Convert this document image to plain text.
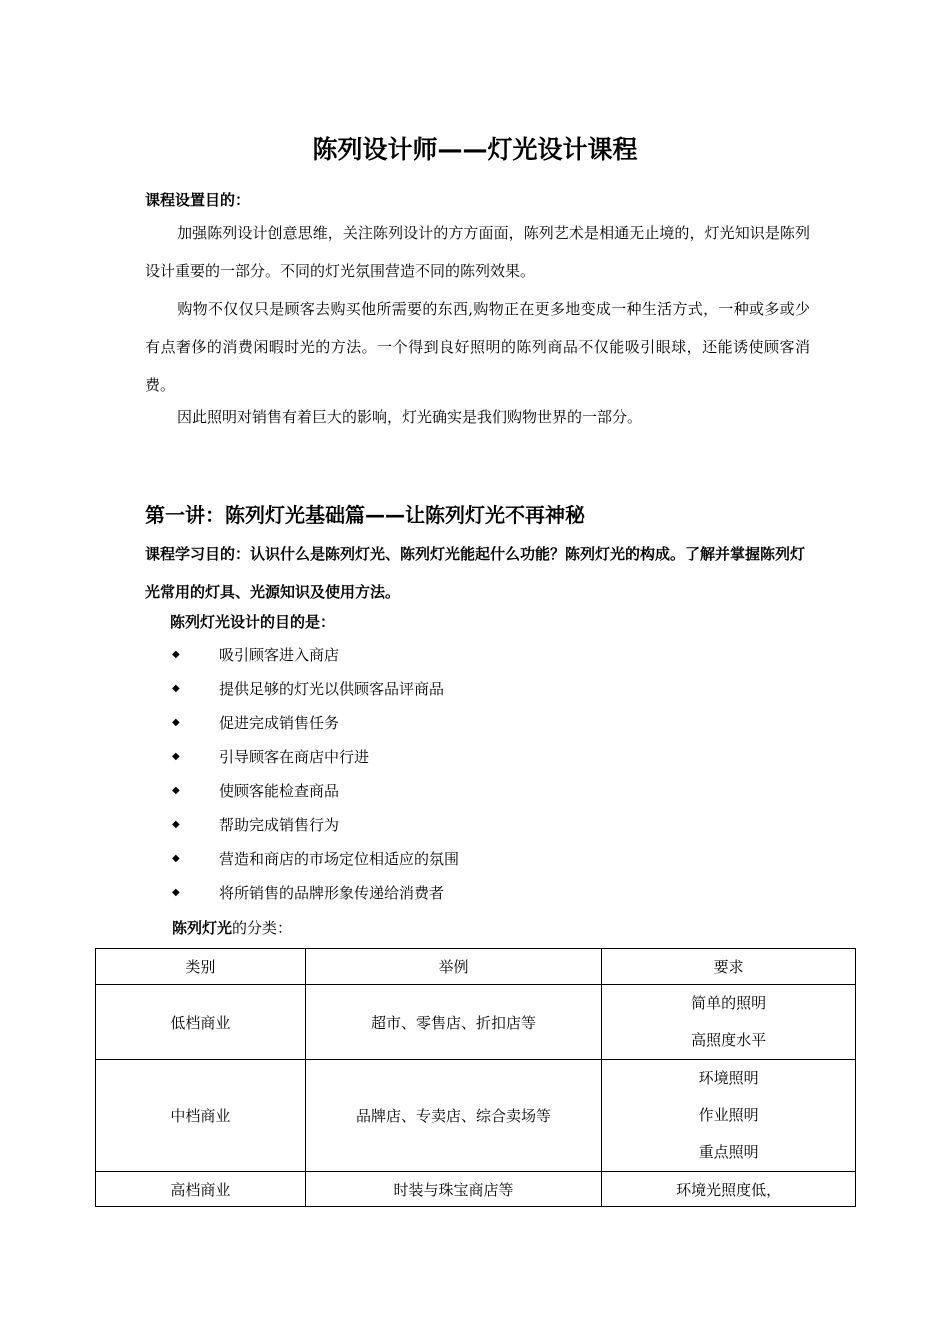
陈列设计师——灯光设计课程
课程设置目的：

加强陈列设计创意思维，关注陈列设计的方方面面，陈列艺术是相通无止境的，灯光知识是陈列设计重要的一部分。不同的灯光氛围营造不同的陈列效果。

购物不仅仅只是顾客去购买他所需要的东西,购物正在更多地变成一种生活方式，一种或多或少有点奢侈的消费闲暇时光的方法。一个得到良好照明的陈列商品不仅能吸引眼球，还能诱使顾客消费。

因此照明对销售有着巨大的影响，灯光确实是我们购物世界的一部分。

第一讲：陈列灯光基础篇——让陈列灯光不再神秘

课程学习目的：认识什么是陈列灯光、陈列灯光能起什么功能？陈列灯光的构成。了解并掌握陈列灯光常用的灯具、光源知识及使用方法。

陈列灯光设计的目的是：
◆	吸引顾客进入商店
◆	提供足够的灯光以供顾客品评商品
◆	促进完成销售任务
◆	引导顾客在商店中行进
◆	使顾客能检查商品
◆	帮助完成销售行为
◆	营造和商店的市场定位相适应的氛围
◆	将所销售的品牌形象传递给消费者
陈列灯光的分类：
类别	举例	要求
低档商业	超市、零售店、折扣店等	简单的照明
高照度水平

中档商业	品牌店、专卖店、综合卖场等	环境照明
作业照明
重点照明

高档商业	时装与珠宝商店等	环境光照度低，
